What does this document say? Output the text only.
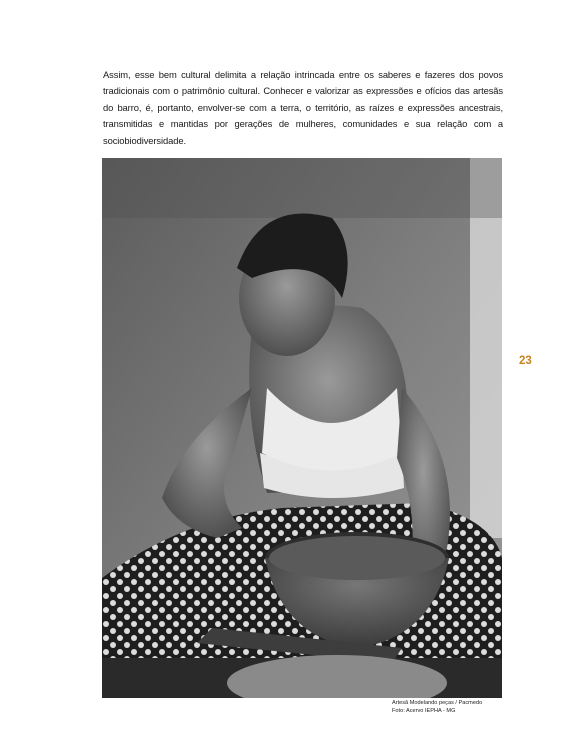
Assim, esse bem cultural delimita a relação intrincada entre os saberes e fazeres dos povos tradicionais com o patrimônio cultural. Conhecer e valorizar as expressões e ofícios das artesãs do barro, é, portanto, envolver-se com a terra, o território, as raízes e expressões ancestrais, transmitidas e mantidas por gerações de mulheres, comunidades e sua relação com a sociobiodiversidade.

23

Artesã Modelando peças / Pacmedo
Foto: Acervo IEPHA - MG
